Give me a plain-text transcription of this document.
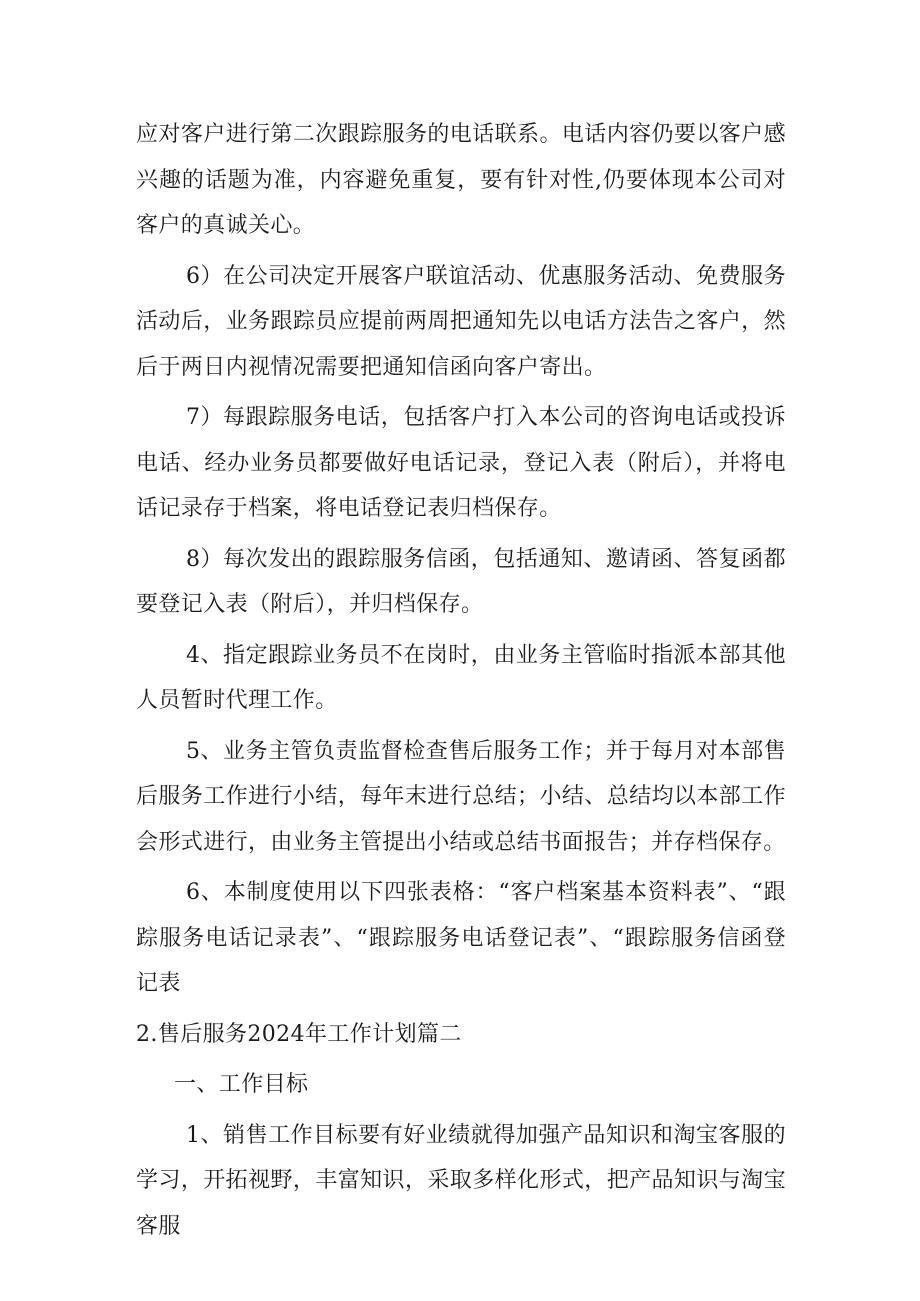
应对客户进行第二次跟踪服务的电话联系。电话内容仍要以客户感兴趣的话题为准，内容避免重复，要有针对性,仍要体现本公司对客户的真诚关心。

6）在公司决定开展客户联谊活动、优惠服务活动、免费服务活动后，业务跟踪员应提前两周把通知先以电话方法告之客户，然后于两日内视情况需要把通知信函向客户寄出。

7）每跟踪服务电话，包括客户打入本公司的咨询电话或投诉电话、经办业务员都要做好电话记录，登记入表（附后），并将电话记录存于档案，将电话登记表归档保存。

8）每次发出的跟踪服务信函，包括通知、邀请函、答复函都要登记入表（附后），并归档保存。

4、指定跟踪业务员不在岗时，由业务主管临时指派本部其他人员暂时代理工作。

5、业务主管负责监督检查售后服务工作；并于每月对本部售后服务工作进行小结，每年末进行总结；小结、总结均以本部工作会形式进行，由业务主管提出小结或总结书面报告；并存档保存。

6、本制度使用以下四张表格：“客户档案基本资料表”、“跟踪服务电话记录表”、“跟踪服务电话登记表”、“跟踪服务信函登记表

2.售后服务2024年工作计划篇二

一、工作目标

1、销售工作目标要有好业绩就得加强产品知识和淘宝客服的学习，开拓视野，丰富知识，采取多样化形式，把产品知识与淘宝客服
